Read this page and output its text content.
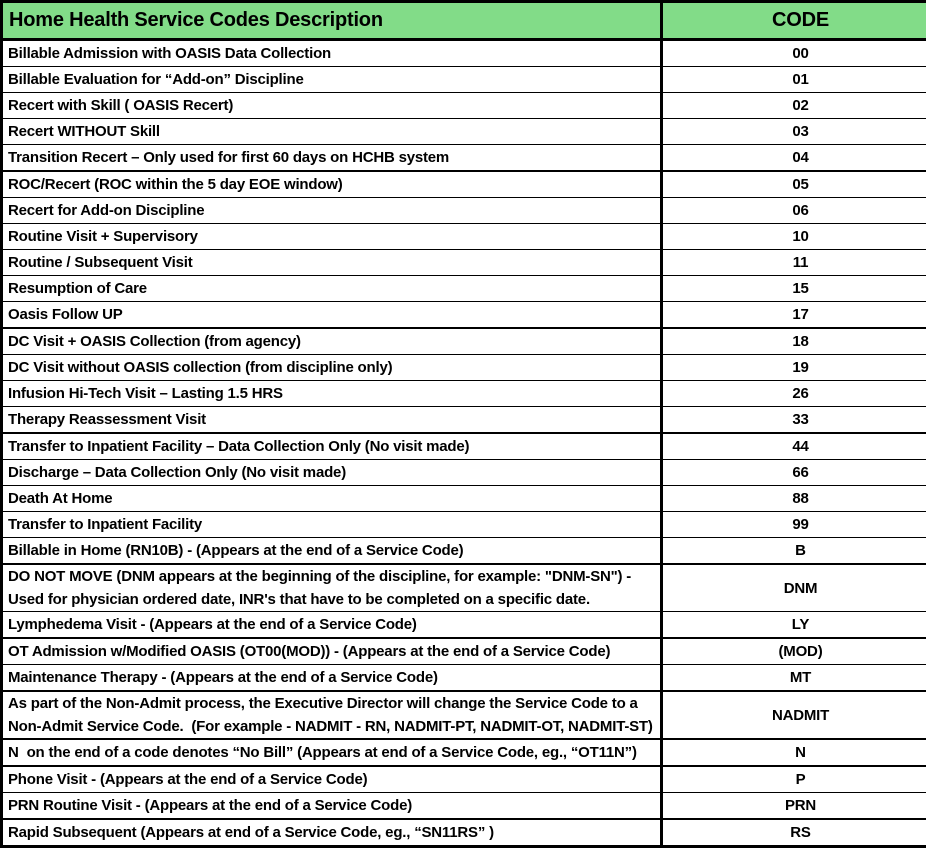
Home Health Service Codes Description	CODE
Billable Admission with OASIS Data Collection	00
Billable Evaluation for “Add-on” Discipline	01
Recert with Skill ( OASIS Recert)	02
Recert WITHOUT Skill	03
Transition Recert – Only used for first 60 days on HCHB system	04
ROC/Recert (ROC within the 5 day EOE window)	05
Recert for Add-on Discipline	06
Routine Visit + Supervisory	10
Routine / Subsequent Visit	11
Resumption of Care	15
Oasis Follow UP	17
DC Visit + OASIS Collection (from agency)	18
DC Visit without OASIS collection (from discipline only)	19
Infusion Hi-Tech Visit – Lasting 1.5 HRS	26
Therapy Reassessment Visit	33
Transfer to Inpatient Facility – Data Collection Only (No visit made)	44
Discharge – Data Collection Only (No visit made)	66
Death At Home	88
Transfer to Inpatient Facility	99
Billable in Home (RN10B) - (Appears at the end of a Service Code)	B
DO NOT MOVE (DNM appears at the beginning of the discipline, for example: "DNM-SN") - Used for physician ordered date, INR's that have to be completed on a specific date.	DNM
Lymphedema Visit - (Appears at the end of a Service Code)	LY
OT Admission w/Modified OASIS (OT00(MOD)) - (Appears at the end of a Service Code)	(MOD)
Maintenance Therapy - (Appears at the end of a Service Code)	MT
As part of the Non-Admit process, the Executive Director will change the Service Code to a Non-Admit Service Code.  (For example - NADMIT - RN, NADMIT-PT, NADMIT-OT, NADMIT-ST)	NADMIT
N  on the end of a code denotes “No Bill” (Appears at end of a Service Code, eg., “OT11N”)	N
Phone Visit - (Appears at the end of a Service Code)	P
PRN Routine Visit - (Appears at the end of a Service Code)	PRN
Rapid Subsequent (Appears at end of a Service Code, eg., “SN11RS” )	RS
